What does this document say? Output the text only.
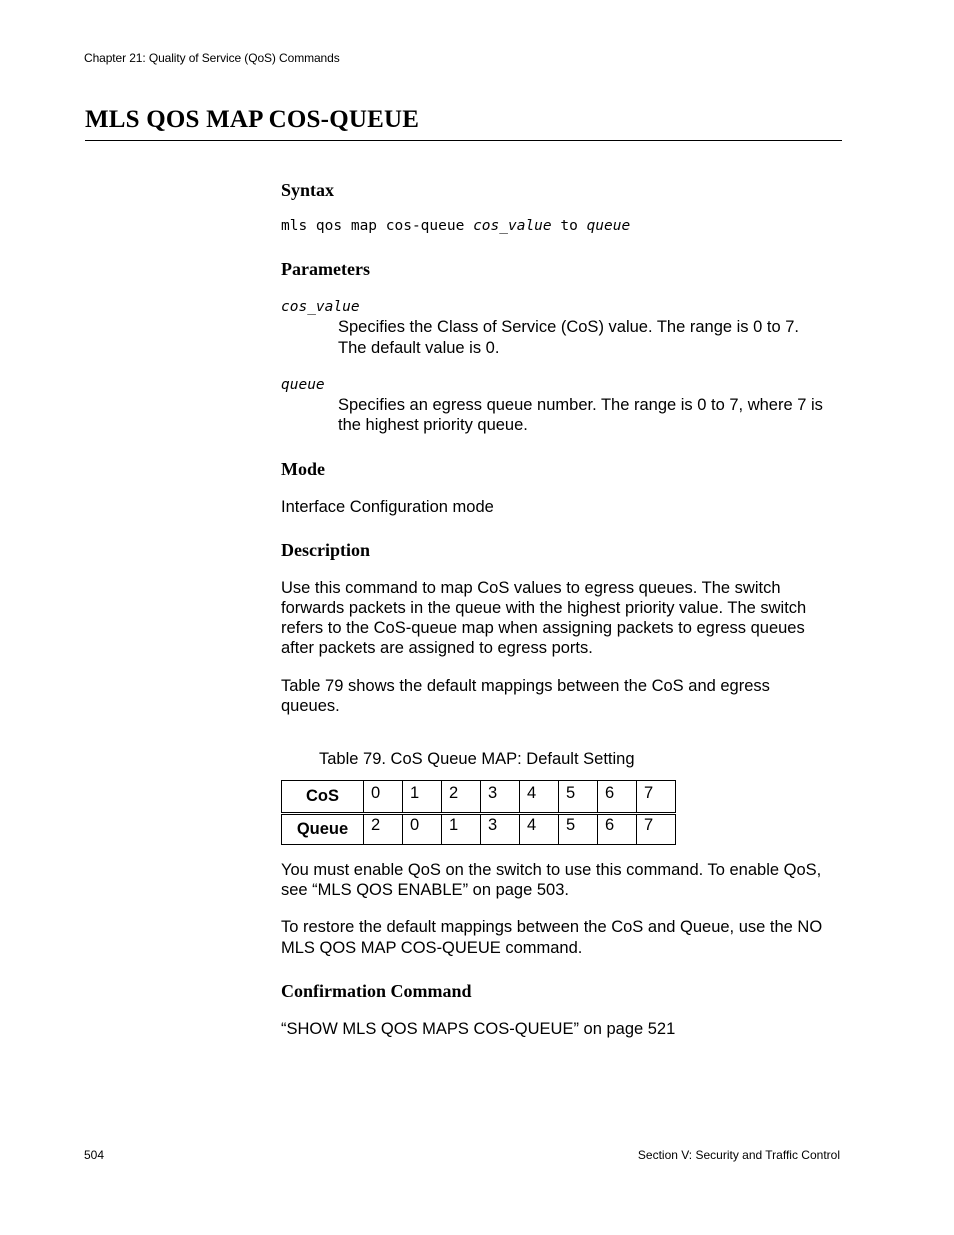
Chapter 21: Quality of Service (QoS) Commands
MLS QOS MAP COS-QUEUE
Syntax
mls qos map cos-queue cos_value to queue
Parameters
cos_value
Specifies the Class of Service (CoS) value. The range is 0 to 7.
The default value is 0.
queue
Specifies an egress queue number. The range is 0 to 7, where 7 is
the highest priority queue.
Mode
Interface Configuration mode
Description
Use this command to map CoS values to egress queues. The switch
forwards packets in the queue with the highest priority value. The switch
refers to the CoS-queue map when assigning packets to egress queues
after packets are assigned to egress ports.
Table 79 shows the default mappings between the CoS and egress
queues.
Table 79. CoS Queue MAP: Default Setting
CoS	0	1	2	3	4	5	6	7
Queue	2	0	1	3	4	5	6	7
You must enable QoS on the switch to use this command. To enable QoS,
see “MLS QOS ENABLE” on page 503.
To restore the default mappings between the CoS and Queue, use the NO
MLS QOS MAP COS-QUEUE command.
Confirmation Command
“SHOW MLS QOS MAPS COS-QUEUE” on page 521
504	Section V: Security and Traffic Control
